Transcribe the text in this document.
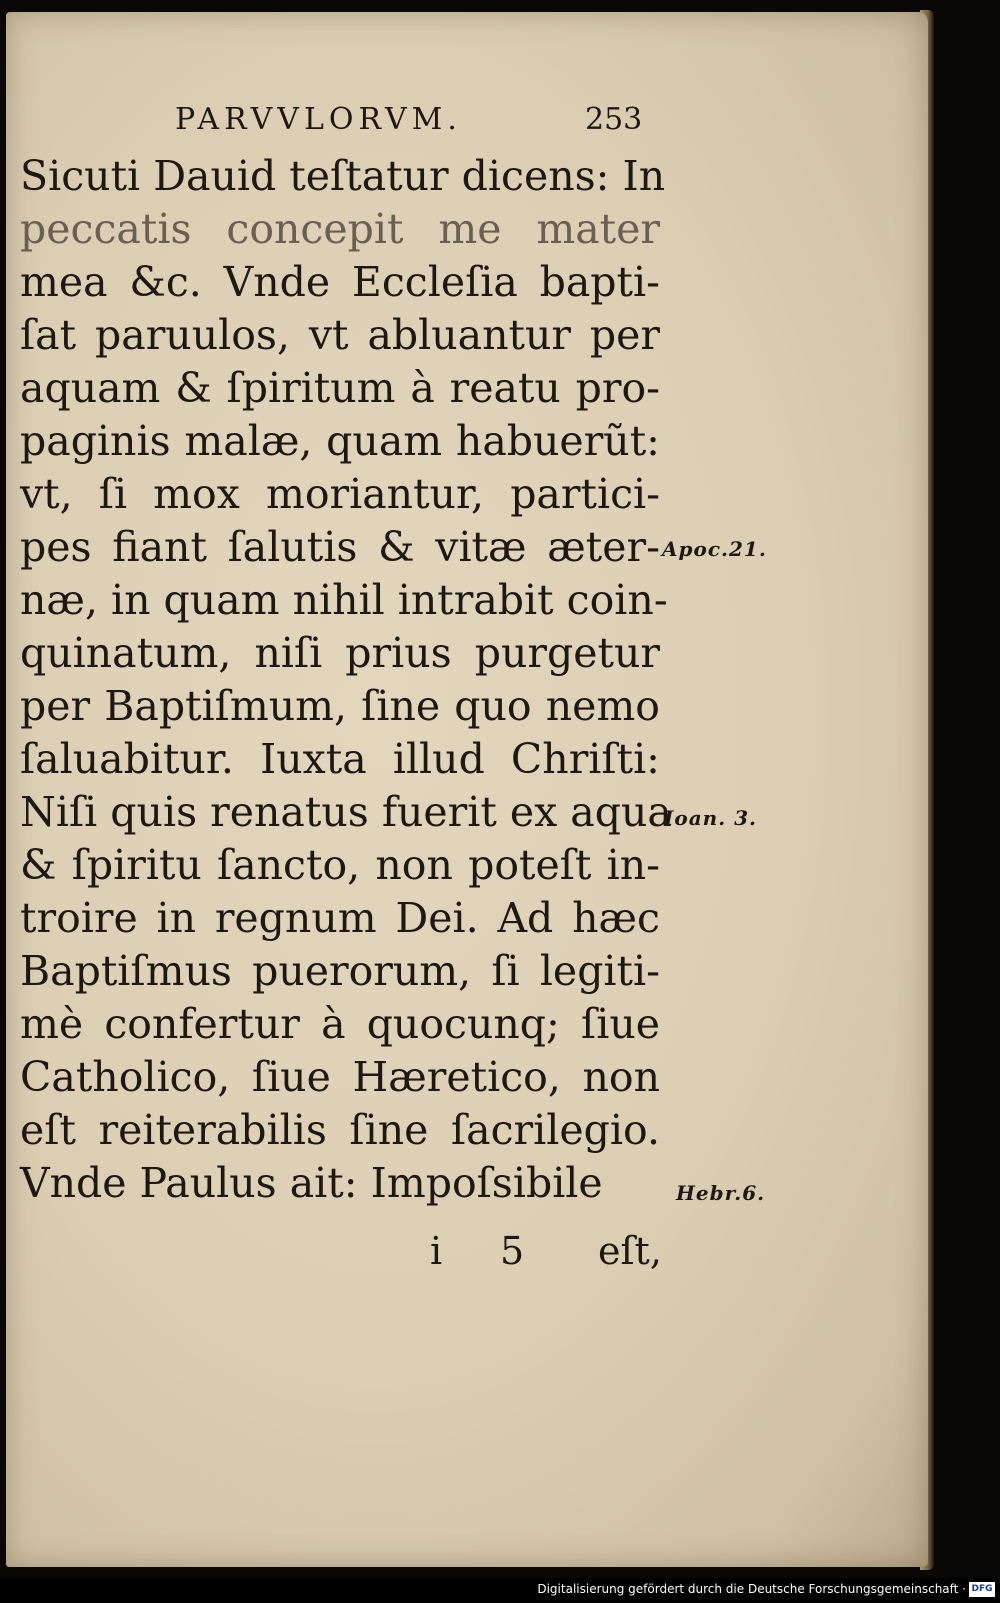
PARVVLORVM.	253
Sicuti Dauid teſtatur dicens: In
peccatis concepit me mater
mea &c. Vnde Eccleſia bapti-
ſat paruulos, vt abluantur per
aquam & ſpiritum à reatu pro-
paginis malæ, quam habuerũt:
vt, ſi mox moriantur, partici-
pes fiant ſalutis & vitæ æter-
næ, in quam nihil intrabit coin-
quinatum, niſi prius purgetur
per Baptiſmum, ſine quo nemo
ſaluabitur. Iuxta illud Chriſti:
Niſi quis renatus fuerit ex aqua
& ſpiritu ſancto, non poteſt in-
troire in regnum Dei. Ad hæc
Baptiſmus puerorum, ſi legiti-
mè confertur à quocunq; ſiue
Catholico, ſiue Hæretico, non
eſt reiterabilis ſine ſacrilegio.
Vnde Paulus ait: Impoſsibile
i 5 eſt,
Apoc.21.
Ioan. 3.
Hebr.6.
Digitalisierung gefördert durch die Deutsche Forschungsgemeinschaft · DFG
